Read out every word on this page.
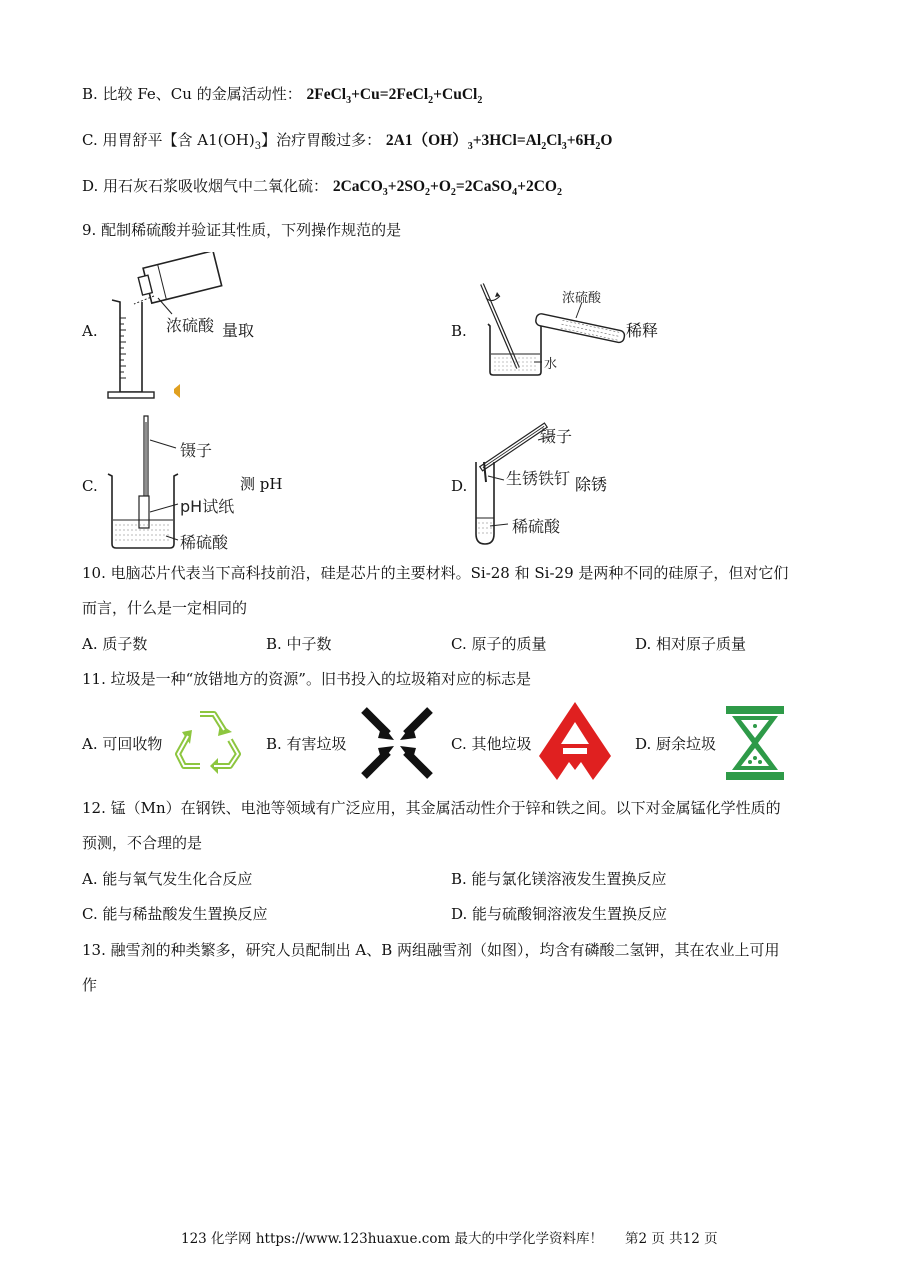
B. 比较 Fe、Cu 的金属活动性： 2FeCl$_3$+Cu=2FeCl$_2$+CuCl$_2$
C. 用胃舒平【含 $A1(OH)_3$】治疗胃酸过多： $2A1(OH)_3+3HCl=Al_2Cl_3+6H_2O$
D. 用石灰石浆吸收烟气中二氧化硫： $2CaCO_3+2SO_2+O_2=2CaSO_4+2CO_2$
9. 配制稀硫酸并验证其性质，下列操作规范的是
A.	浓硫酸 量取	B.
水
浓硫酸
稀释
C.
镊子
pH试纸
稀硫酸
测 pH	D.
镊子
生锈铁钉
稀硫酸
除锈
10. 电脑芯片代表当下高科技前沿，硅是芯片的主要材料。Si-28 和 Si-29 是两种不同的硅原子，但对它们
而言，什么是一定相同的
A. 质子数	B. 中子数	C. 原子的质量	D. 相对原子质量
11. 垃圾是一种“放错地方的资源”。旧书投入的垃圾箱对应的标志是
A. 可回收物	B. 有害垃圾	C. 其他垃圾	D. 厨余垃圾
12. 锰（Mn）在钢铁、电池等领域有广泛应用，其金属活动性介于锌和铁之间。以下对金属锰化学性质的
预测，不合理的是
A. 能与氧气发生化合反应	B. 能与氯化镁溶液发生置换反应
C. 能与稀盐酸发生置换反应	D. 能与硫酸铜溶液发生置换反应
13. 融雪剂的种类繁多，研究人员配制出 A、B 两组融雪剂（如图），均含有磷酸二氢钾，其在农业上可用
作
123 化学网 https://www.123huaxue.com 最大的中学化学资料库！ 第2 页 共12 页
